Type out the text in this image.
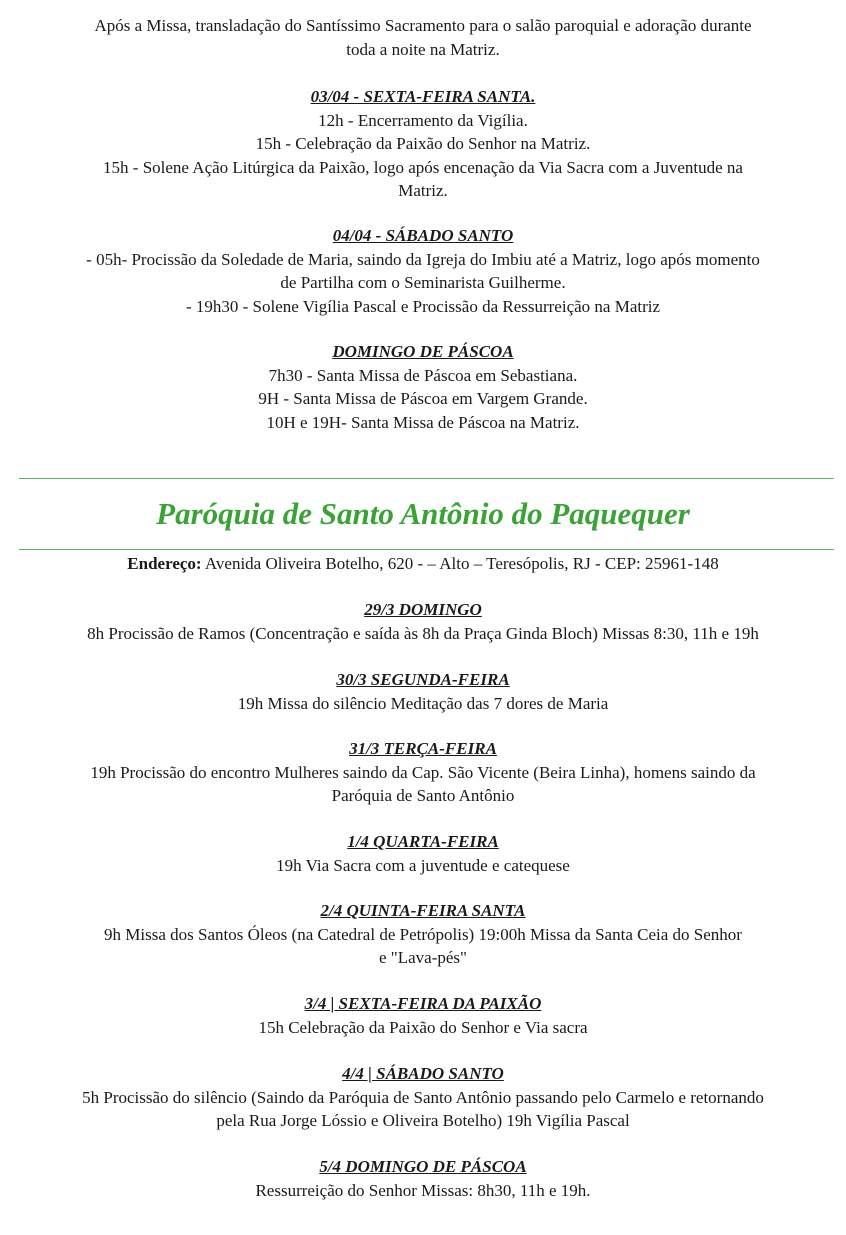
Após a Missa, transladação do Santíssimo Sacramento para o salão paroquial e adoração durante

toda a noite na Matriz.

03/04 - SEXTA-FEIRA SANTA.

12h - Encerramento da Vigília.

15h - Celebração da Paixão do Senhor na Matriz.

15h - Solene Ação Litúrgica da Paixão, logo após encenação da Via Sacra com a Juventude na

Matriz.

04/04 - SÁBADO SANTO

- 05h- Procissão da Soledade de Maria, saindo da Igreja do Imbiu até a Matriz, logo após momento

de Partilha com o Seminarista Guilherme.

- 19h30 - Solene Vigília Pascal e Procissão da Ressurreição na Matriz

DOMINGO DE PÁSCOA

7h30 - Santa Missa de Páscoa em Sebastiana.

9H - Santa Missa de Páscoa em Vargem Grande.

10H e 19H- Santa Missa de Páscoa na Matriz.

Paróquia de Santo Antônio do Paquequer
Endereço: Avenida Oliveira Botelho, 620 - – Alto – Teresópolis, RJ - CEP: 25961-148

29/3 DOMINGO

8h Procissão de Ramos (Concentração e saída às 8h da Praça Ginda Bloch) Missas 8:30, 11h e 19h

30/3 SEGUNDA-FEIRA

19h Missa do silêncio Meditação das 7 dores de Maria

31/3 TERÇA-FEIRA

19h Procissão do encontro Mulheres saindo da Cap. São Vicente (Beira Linha), homens saindo da

Paróquia de Santo Antônio

1/4 QUARTA-FEIRA

19h Via Sacra com a juventude e catequese

2/4 QUINTA-FEIRA SANTA

9h Missa dos Santos Óleos (na Catedral de Petrópolis) 19:00h Missa da Santa Ceia do Senhor

e "Lava-pés"

3/4 | SEXTA-FEIRA DA PAIXÃO

15h Celebração da Paixão do Senhor e Via sacra

4/4 | SÁBADO SANTO

5h Procissão do silêncio (Saindo da Paróquia de Santo Antônio passando pelo Carmelo e retornando

pela Rua Jorge Lóssio e Oliveira Botelho) 19h Vigília Pascal

5/4 DOMINGO DE PÁSCOA

Ressurreição do Senhor Missas: 8h30, 11h e 19h.
